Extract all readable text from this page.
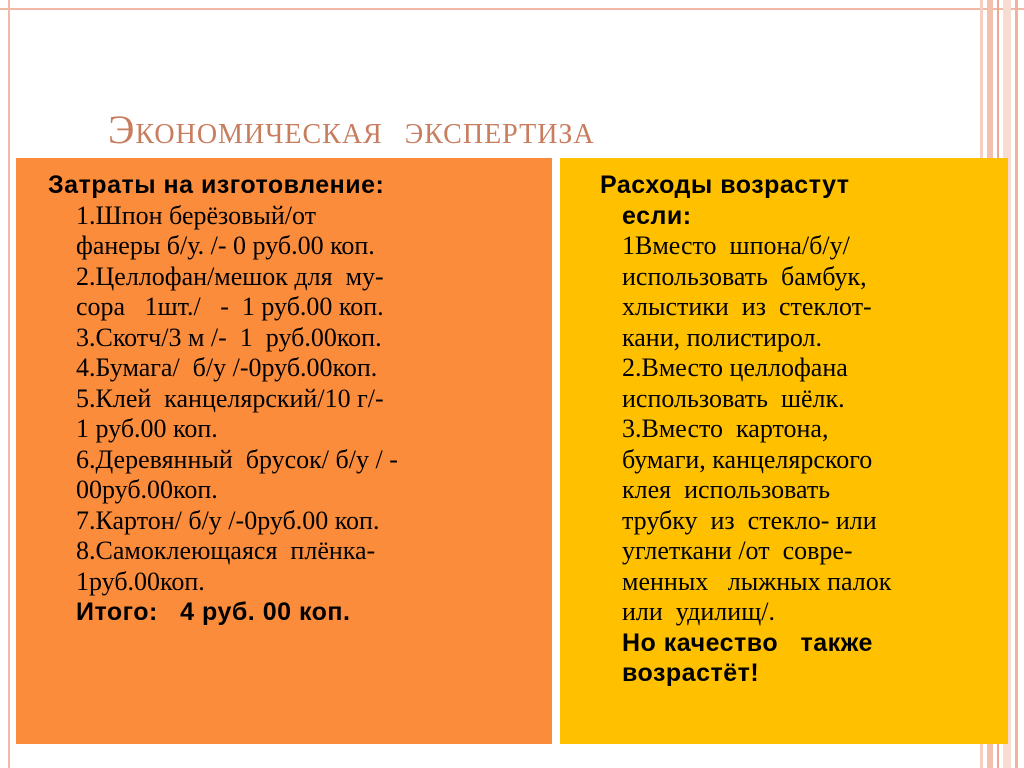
Экономическая  экспертиза
Затраты на изготовление:
1.Шпон берёзовый/от
фанеры б/у. /- 0 руб.00 коп.
2.Целлофан/мешок для  му-
сора   1шт./   -  1 руб.00 коп.
3.Скотч/3 м /-  1  руб.00коп.
4.Бумага/  б/у /-0руб.00коп.
5.Клей  канцелярский/10 г/-
1 руб.00 коп.
6.Деревянный  брусок/ б/у / -
00руб.00коп.
7.Картон/ б/у /-0руб.00 коп.
8.Самоклеющаяся  плёнка-
1руб.00коп.
Итого:   4 руб. 00 коп.
Расходы возрастут
если:
1Вместо  шпона/б/у/
использовать  бамбук,
хлыстики  из  стеклот-
кани, полистирол.
2.Вместо целлофана
использовать  шёлк.
3.Вместо  картона,
бумаги, канцелярского
клея  использовать
трубку  из  стекло- или
углеткани /от  совре-
менных   лыжных палок
или  удилищ/.
Но качество   также
возрастёт!
